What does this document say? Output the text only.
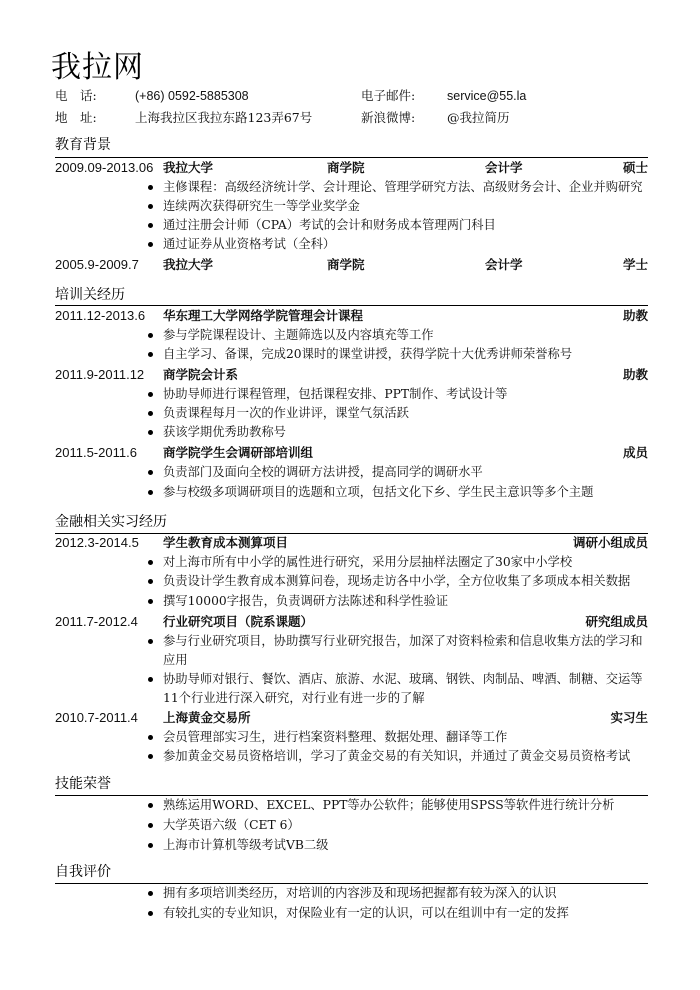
我拉网
电　话:	(+86) 0592-5885308	电子邮件:	service@55.la
地　址:	上海我拉区我拉东路123弄67号	新浪微博:	@我拉简历
教育背景
2009.09-2013.06 我拉大学	商学院	会计学	硕士
主修课程：高级经济统计学、会计理论、管理学研究方法、高级财务会计、企业并购研究
连续两次获得研究生一等学业奖学金
通过注册会计师（CPA）考试的会计和财务成本管理两门科目
通过证券从业资格考试（全科）
2005.9-2009.7 我拉大学	商学院	会计学	学士
培训关经历
2011.12-2013.6 华东理工大学网络学院管理会计课程	助教
参与学院课程设计、主题筛选以及内容填充等工作
自主学习、备课，完成20课时的课堂讲授，获得学院十大优秀讲师荣誉称号
2011.9-2011.12 商学院会计系	助教
协助导师进行课程管理，包括课程安排、PPT制作、考试设计等
负责课程每月一次的作业讲评，课堂气氛活跃
获该学期优秀助教称号
2011.5-2011.6 商学院学生会调研部培训组	成员
负责部门及面向全校的调研方法讲授，提高同学的调研水平
参与校级多项调研项目的选题和立项，包括文化下乡、学生民主意识等多个主题
金融相关实习经历
2012.3-2014.5 学生教育成本测算项目	调研小组成员
对上海市所有中小学的属性进行研究，采用分层抽样法圈定了30家中小学校
负责设计学生教育成本测算问卷，现场走访各中小学，全方位收集了多项成本相关数据
撰写10000字报告，负责调研方法陈述和科学性验证
2011.7-2012.4 行业研究项目（院系课题）	研究组成员
参与行业研究项目，协助撰写行业研究报告，加深了对资料检索和信息收集方法的学习和应用
协助导师对银行、餐饮、酒店、旅游、水泥、玻璃、钢铁、肉制品、啤酒、制糖、交运等11个行业进行深入研究，对行业有进一步的了解
2010.7-2011.4 上海黄金交易所	实习生
会员管理部实习生，进行档案资料整理、数据处理、翻译等工作
参加黄金交易员资格培训，学习了黄金交易的有关知识，并通过了黄金交易员资格考试
技能荣誉
熟练运用WORD、EXCEL、PPT等办公软件；能够使用SPSS等软件进行统计分析
大学英语六级（CET 6）
上海市计算机等级考试VB二级
自我评价
拥有多项培训类经历，对培训的内容涉及和现场把握都有较为深入的认识
有较扎实的专业知识，对保险业有一定的认识，可以在组训中有一定的发挥
